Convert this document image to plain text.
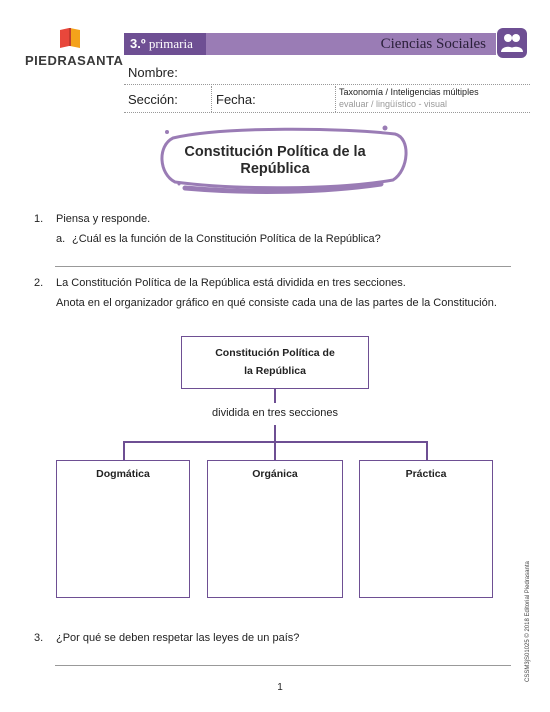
PIEDRASANTA
3.º primaria	Ciencias Sociales
Nombre:
Sección:	Fecha:	Taxonomía / Inteligencias múltiples
evaluar / lingüístico - visual
Constitución Política de la República
1. Piensa y responde.
a. ¿Cuál es la función de la Constitución Política de la República?
2. La Constitución Política de la República está dividida en tres secciones.
Anota en el organizador gráfico en qué consiste cada una de las partes de la Constitución.
Constitución Política de
la República
dividida en tres secciones
Dogmática	Orgánica	Práctica
3. ¿Por qué se deben respetar las leyes de un país?
1
CSSM3jS01025 © 2018 Editorial Piedrasanta
